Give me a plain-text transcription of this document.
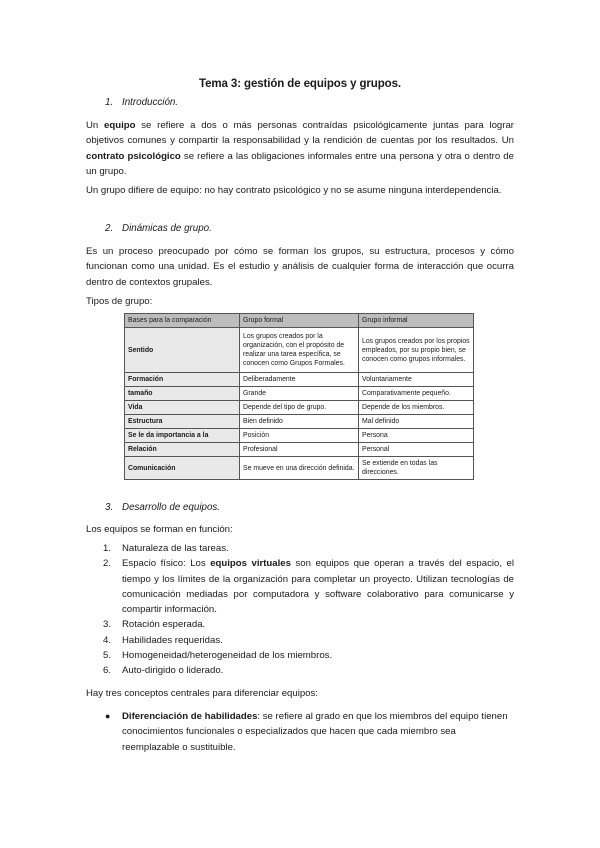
Tema 3: gestión de equipos y grupos.
1. Introducción.
Un equipo se refiere a dos o más personas contraídas psicológicamente juntas para lograr objetivos comunes y compartir la responsabilidad y la rendición de cuentas por los resultados. Un contrato psicológico se refiere a las obligaciones informales entre una persona y otra o dentro de un grupo.
Un grupo difiere de equipo: no hay contrato psicológico y no se asume ninguna interdependencia.
2. Dinámicas de grupo.
Es un proceso preocupado por cómo se forman los grupos, su estructura, procesos y cómo funcionan como una unidad. Es el estudio y análisis de cualquier forma de interacción que ocurra dentro de contextos grupales.
Tipos de grupo:
Bases para la comparación	Grupo formal	Grupo informal
Sentido	Los grupos creados por la organización, con el propósito de realizar una tarea específica, se conocen como Grupos Formales.	Los grupos creados por los propios empleados, por su propio bien, se conocen como grupos informales.
Formación	Deliberadamente	Voluntariamente
tamaño	Grande	Comparativamente pequeño.
Vida	Depende del tipo de grupo.	Depende de los miembros.
Estructura	Bien definido	Mal definido
Se le da importancia a la	Posición	Persona
Relación	Profesional	Personal
Comunicación	Se mueve en una dirección definida.	Se extiende en todas las direcciones.
3. Desarrollo de equipos.
Los equipos se forman en función:
1. Naturaleza de las tareas.
2. Espacio físico: Los equipos virtuales son equipos que operan a través del espacio, el tiempo y los límites de la organización para completar un proyecto. Utilizan tecnologías de comunicación mediadas por computadora y software colaborativo para comunicarse y compartir información.
3. Rotación esperada.
4. Habilidades requeridas.
5. Homogeneidad/heterogeneidad de los miembros.
6. Auto-dirigido o liderado.
Hay tres conceptos centrales para diferenciar equipos:
● Diferenciación de habilidades: se refiere al grado en que los miembros del equipo tienen conocimientos funcionales o especializados que hacen que cada miembro sea reemplazable o sustituible.
